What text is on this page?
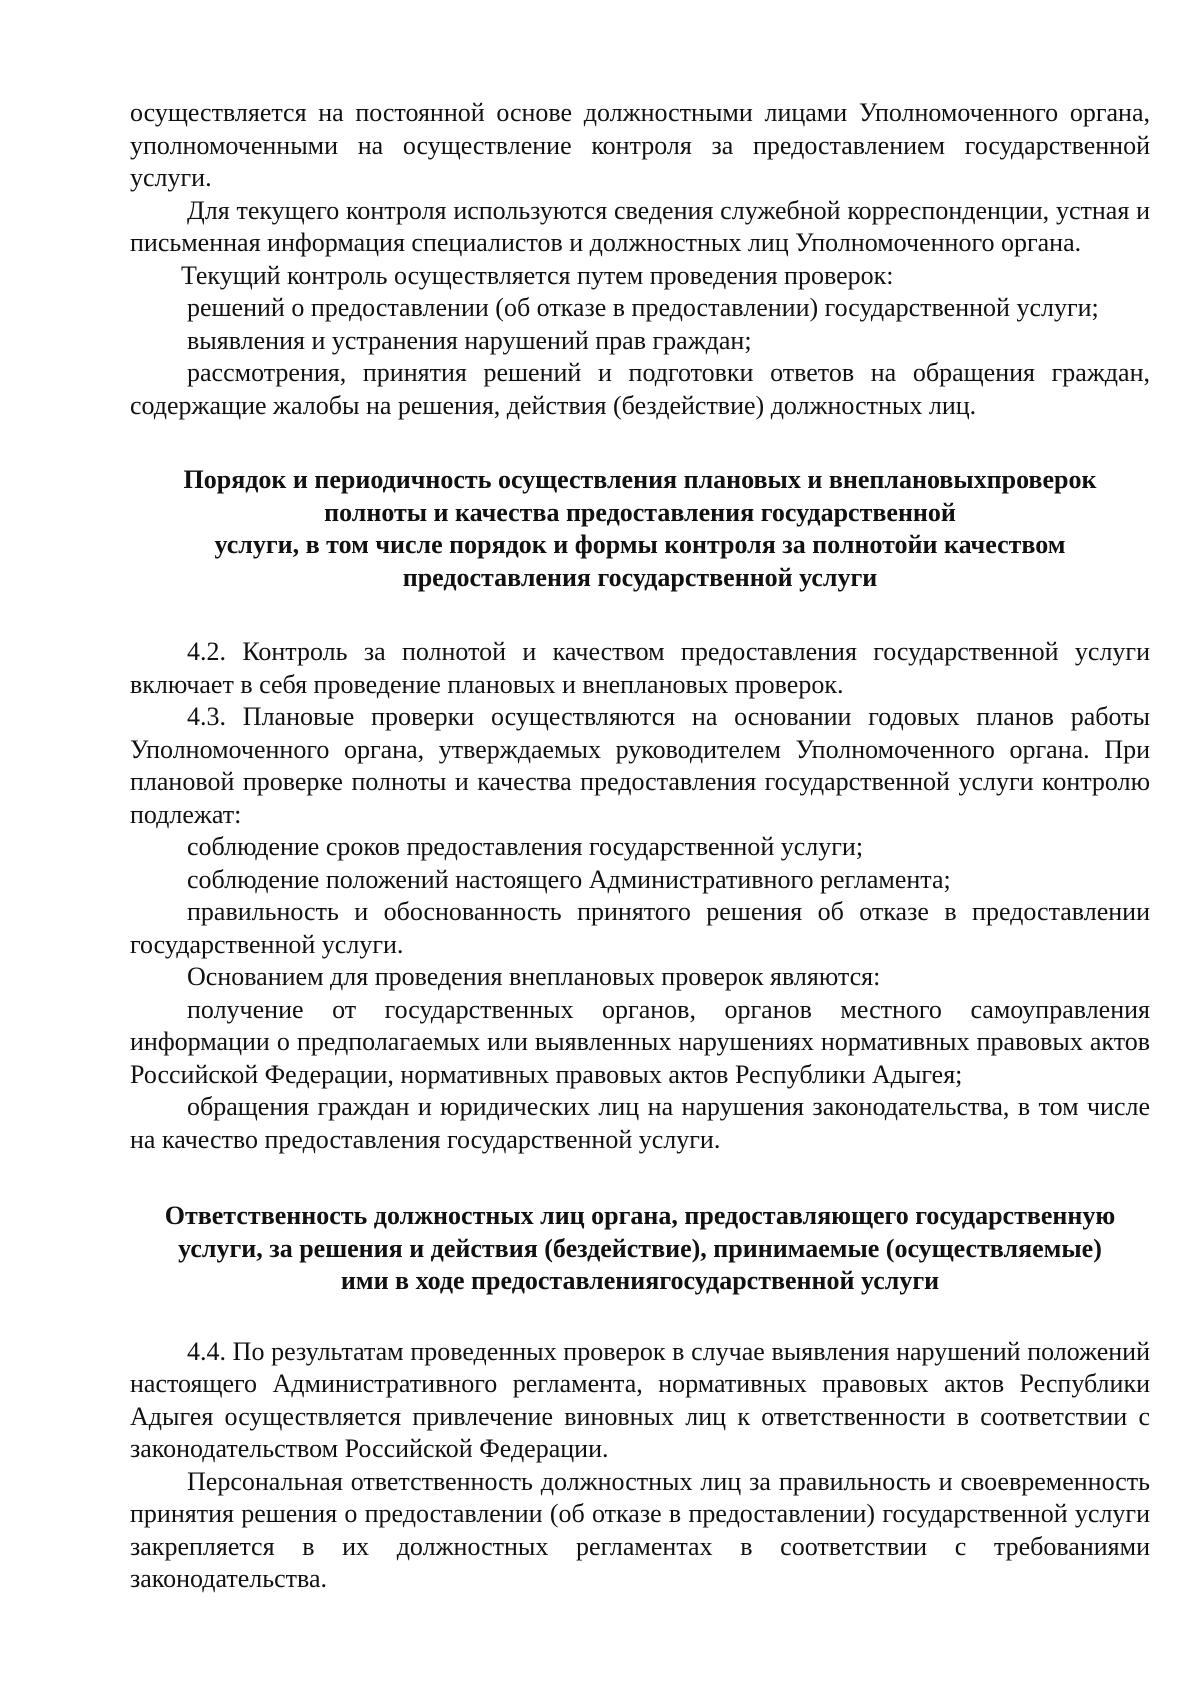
осуществляется на постоянной основе должностными лицами Уполномоченного органа, уполномоченными на осуществление контроля за предоставлением государственной услуги.

Для текущего контроля используются сведения служебной корреспонденции, устная и письменная информация специалистов и должностных лиц Уполномоченного органа.

Текущий контроль осуществляется путем проведения проверок:

решений о предоставлении (об отказе в предоставлении) государственной услуги;

выявления и устранения нарушений прав граждан;

рассмотрения, принятия решений и подготовки ответов на обращения граждан, содержащие жалобы на решения, действия (бездействие) должностных лиц.

Порядок и периодичность осуществления плановых и внеплановыхпроверок
полноты и качества предоставления государственной
услуги, в том числе порядок и формы контроля за полнотойи качеством
предоставления государственной услуги

4.2. Контроль за полнотой и качеством предоставления государственной услуги включает в себя проведение плановых и внеплановых проверок.

4.3. Плановые проверки осуществляются на основании годовых планов работы Уполномоченного органа, утверждаемых руководителем Уполномоченного органа. При плановой проверке полноты и качества предоставления государственной услуги контролю подлежат:

соблюдение сроков предоставления государственной услуги;

соблюдение положений настоящего Административного регламента;

правильность и обоснованность принятого решения об отказе в предоставлении государственной услуги.

Основанием для проведения внеплановых проверок являются:

получение от государственных органов, органов местного самоуправления информации о предполагаемых или выявленных нарушениях нормативных правовых актов Российской Федерации, нормативных правовых актов Республики Адыгея;

обращения граждан и юридических лиц на нарушения законодательства, в том числе на качество предоставления государственной услуги.

Ответственность должностных лиц органа, предоставляющего государственную
услуги, за решения и действия (бездействие), принимаемые (осуществляемые)
ими в ходе предоставлениягосударственной услуги

4.4. По результатам проведенных проверок в случае выявления нарушений положений настоящего Административного регламента, нормативных правовых актов Республики Адыгея осуществляется привлечение виновных лиц к ответственности в соответствии с законодательством Российской Федерации.

Персональная ответственность должностных лиц за правильность и своевременность принятия решения о предоставлении (об отказе в предоставлении) государственной услуги закрепляется в их должностных регламентах в соответствии с требованиями законодательства.
